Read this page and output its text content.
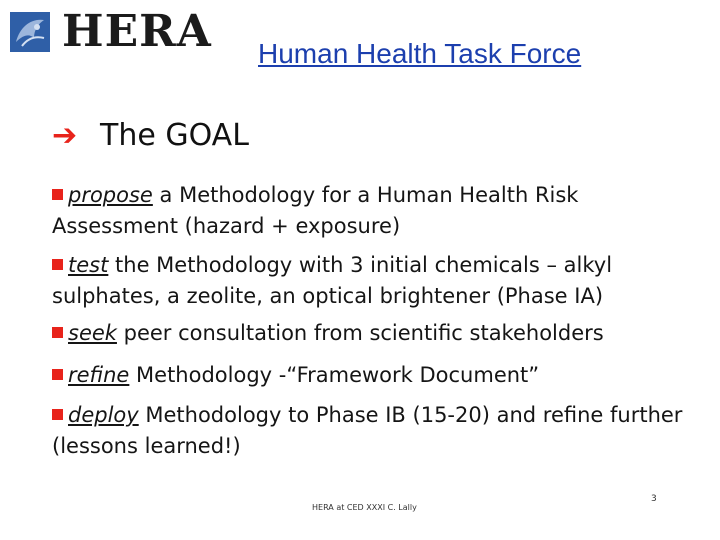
HERA Human Health Task Force
➔ The GOAL
propose a Methodology for a Human Health Risk Assessment (hazard + exposure)
test the Methodology with 3 initial chemicals – alkyl sulphates, a zeolite, an optical brightener (Phase IA)
seek peer consultation from scientific stakeholders
refine Methodology -“Framework Document”
deploy Methodology to Phase IB (15-20) and refine further (lessons learned!)
HERA at CED XXXI C. Lally
3
